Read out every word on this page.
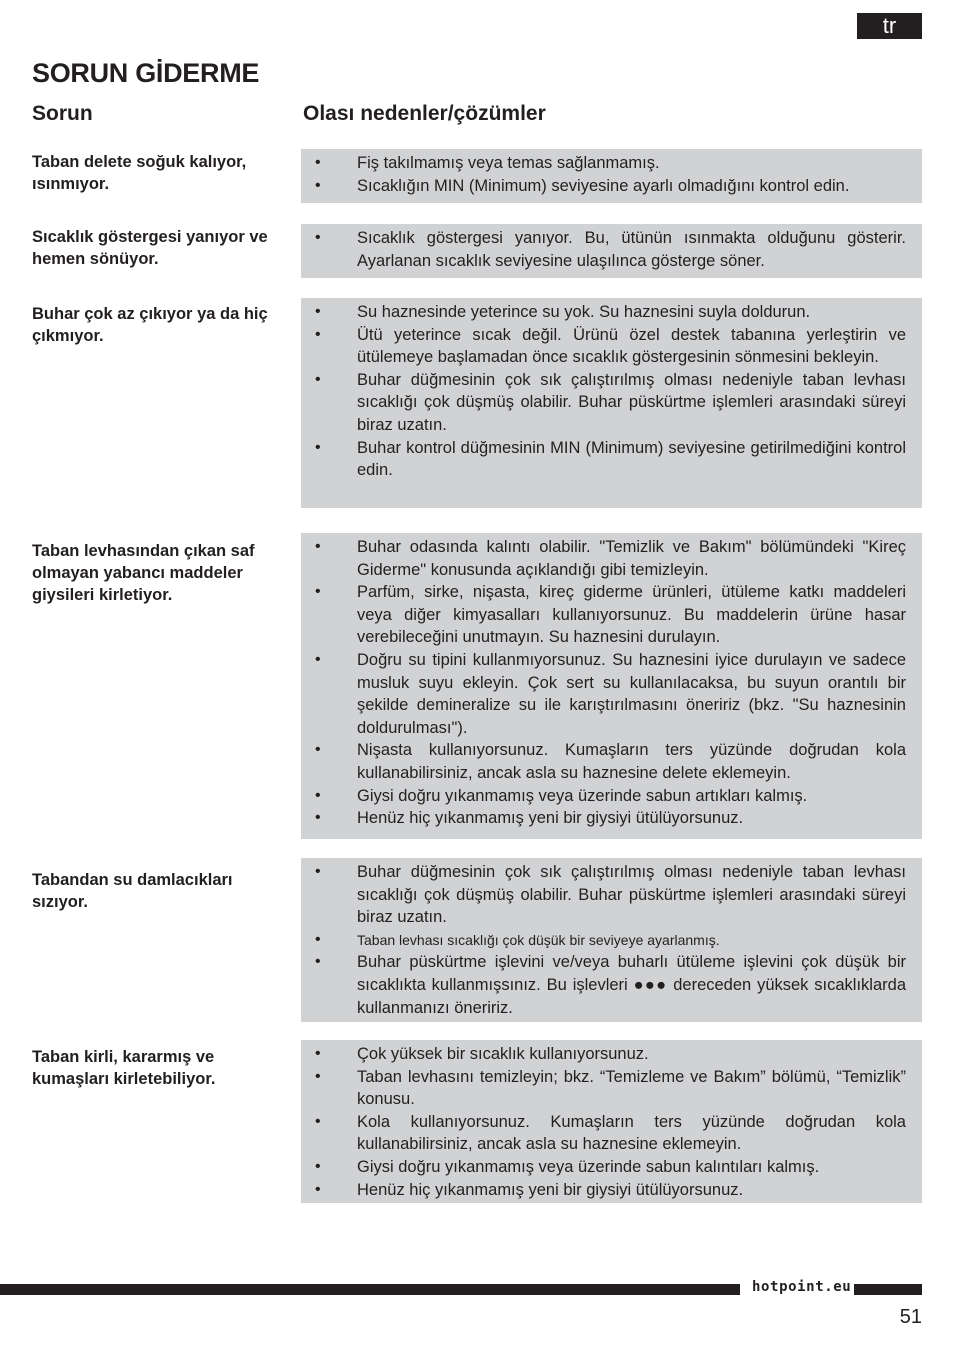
tr
SORUN GİDERME
Sorun	Olası nedenler/çözümler
Taban delete soğuk kalıyor, ısınmıyor.
•	Fiş takılmamış veya temas sağlanmamış.
•	Sıcaklığın MIN (Minimum) seviyesine ayarlı olmadığını kontrol edin.
Sıcaklık göstergesi yanıyor ve hemen sönüyor.
•	Sıcaklık göstergesi yanıyor. Bu, ütünün ısınmakta olduğunu gösterir. Ayarlanan sıcaklık seviyesine ulaşılınca gösterge söner.
Buhar çok az çıkıyor ya da hiç çıkmıyor.
•	Su haznesinde yeterince su yok. Su haznesini suyla doldurun.
•	Ütü yeterince sıcak değil. Ürünü özel destek tabanına yerleştirin ve ütülemeye başlamadan önce sıcaklık göstergesinin sönmesini bekleyin.
•	Buhar düğmesinin çok sık çalıştırılmış olması nedeniyle taban levhası sıcaklığı çok düşmüş olabilir. Buhar püskürtme işlemleri arasındaki süreyi biraz uzatın.
•	Buhar kontrol düğmesinin MIN (Minimum) seviyesine getirilmediğini kontrol edin.
Taban levhasından çıkan saf olmayan yabancı maddeler giysileri kirletiyor.
•	Buhar odasında kalıntı olabilir. "Temizlik ve Bakım" bölümündeki "Kireç Giderme" konusunda açıklandığı gibi temizleyin.
•	Parfüm, sirke, nişasta, kireç giderme ürünleri, ütüleme katkı maddeleri veya diğer kimyasalları kullanıyorsunuz. Bu maddelerin ürüne hasar verebileceğini unutmayın. Su haznesini durulayın.
•	Doğru su tipini kullanmıyorsunuz. Su haznesini iyice durulayın ve sadece musluk suyu ekleyin. Çok sert su kullanılacaksa, bu suyun orantılı bir şekilde demineralize su ile karıştırılmasını öneririz (bkz. "Su haznesinin doldurulması").
•	Nişasta kullanıyorsunuz. Kumaşların ters yüzünde doğrudan kola kullanabilirsiniz, ancak asla su haznesine delete eklemeyin.
•	Giysi doğru yıkanmamış veya üzerinde sabun artıkları kalmış.
•	Henüz hiç yıkanmamış yeni bir giysiyi ütülüyorsunuz.
Tabandan su damlacıkları sızıyor.
•	Buhar düğmesinin çok sık çalıştırılmış olması nedeniyle taban levhası sıcaklığı çok düşmüş olabilir. Buhar püskürtme işlemleri arasındaki süreyi biraz uzatın.
•	Taban levhası sıcaklığı çok düşük bir seviyeye ayarlanmış.
•	Buhar püskürtme işlevini ve/veya buharlı ütüleme işlevini çok düşük bir sıcaklıkta kullanmışsınız. Bu işlevleri ●●● dereceden yüksek sıcaklıklarda kullanmanızı öneririz.
Taban kirli, kararmış ve kumaşları kirletebiliyor.
•	Çok yüksek bir sıcaklık kullanıyorsunuz.
•	Taban levhasını temizleyin; bkz. “Temizleme ve Bakım” bölümü, “Temizlik” konusu.
•	Kola kullanıyorsunuz. Kumaşların ters yüzünde doğrudan kola kullanabilirsiniz, ancak asla su haznesine eklemeyin.
•	Giysi doğru yıkanmamış veya üzerinde sabun kalıntıları kalmış.
•	Henüz hiç yıkanmamış yeni bir giysiyi ütülüyorsunuz.
hotpoint.eu
51
